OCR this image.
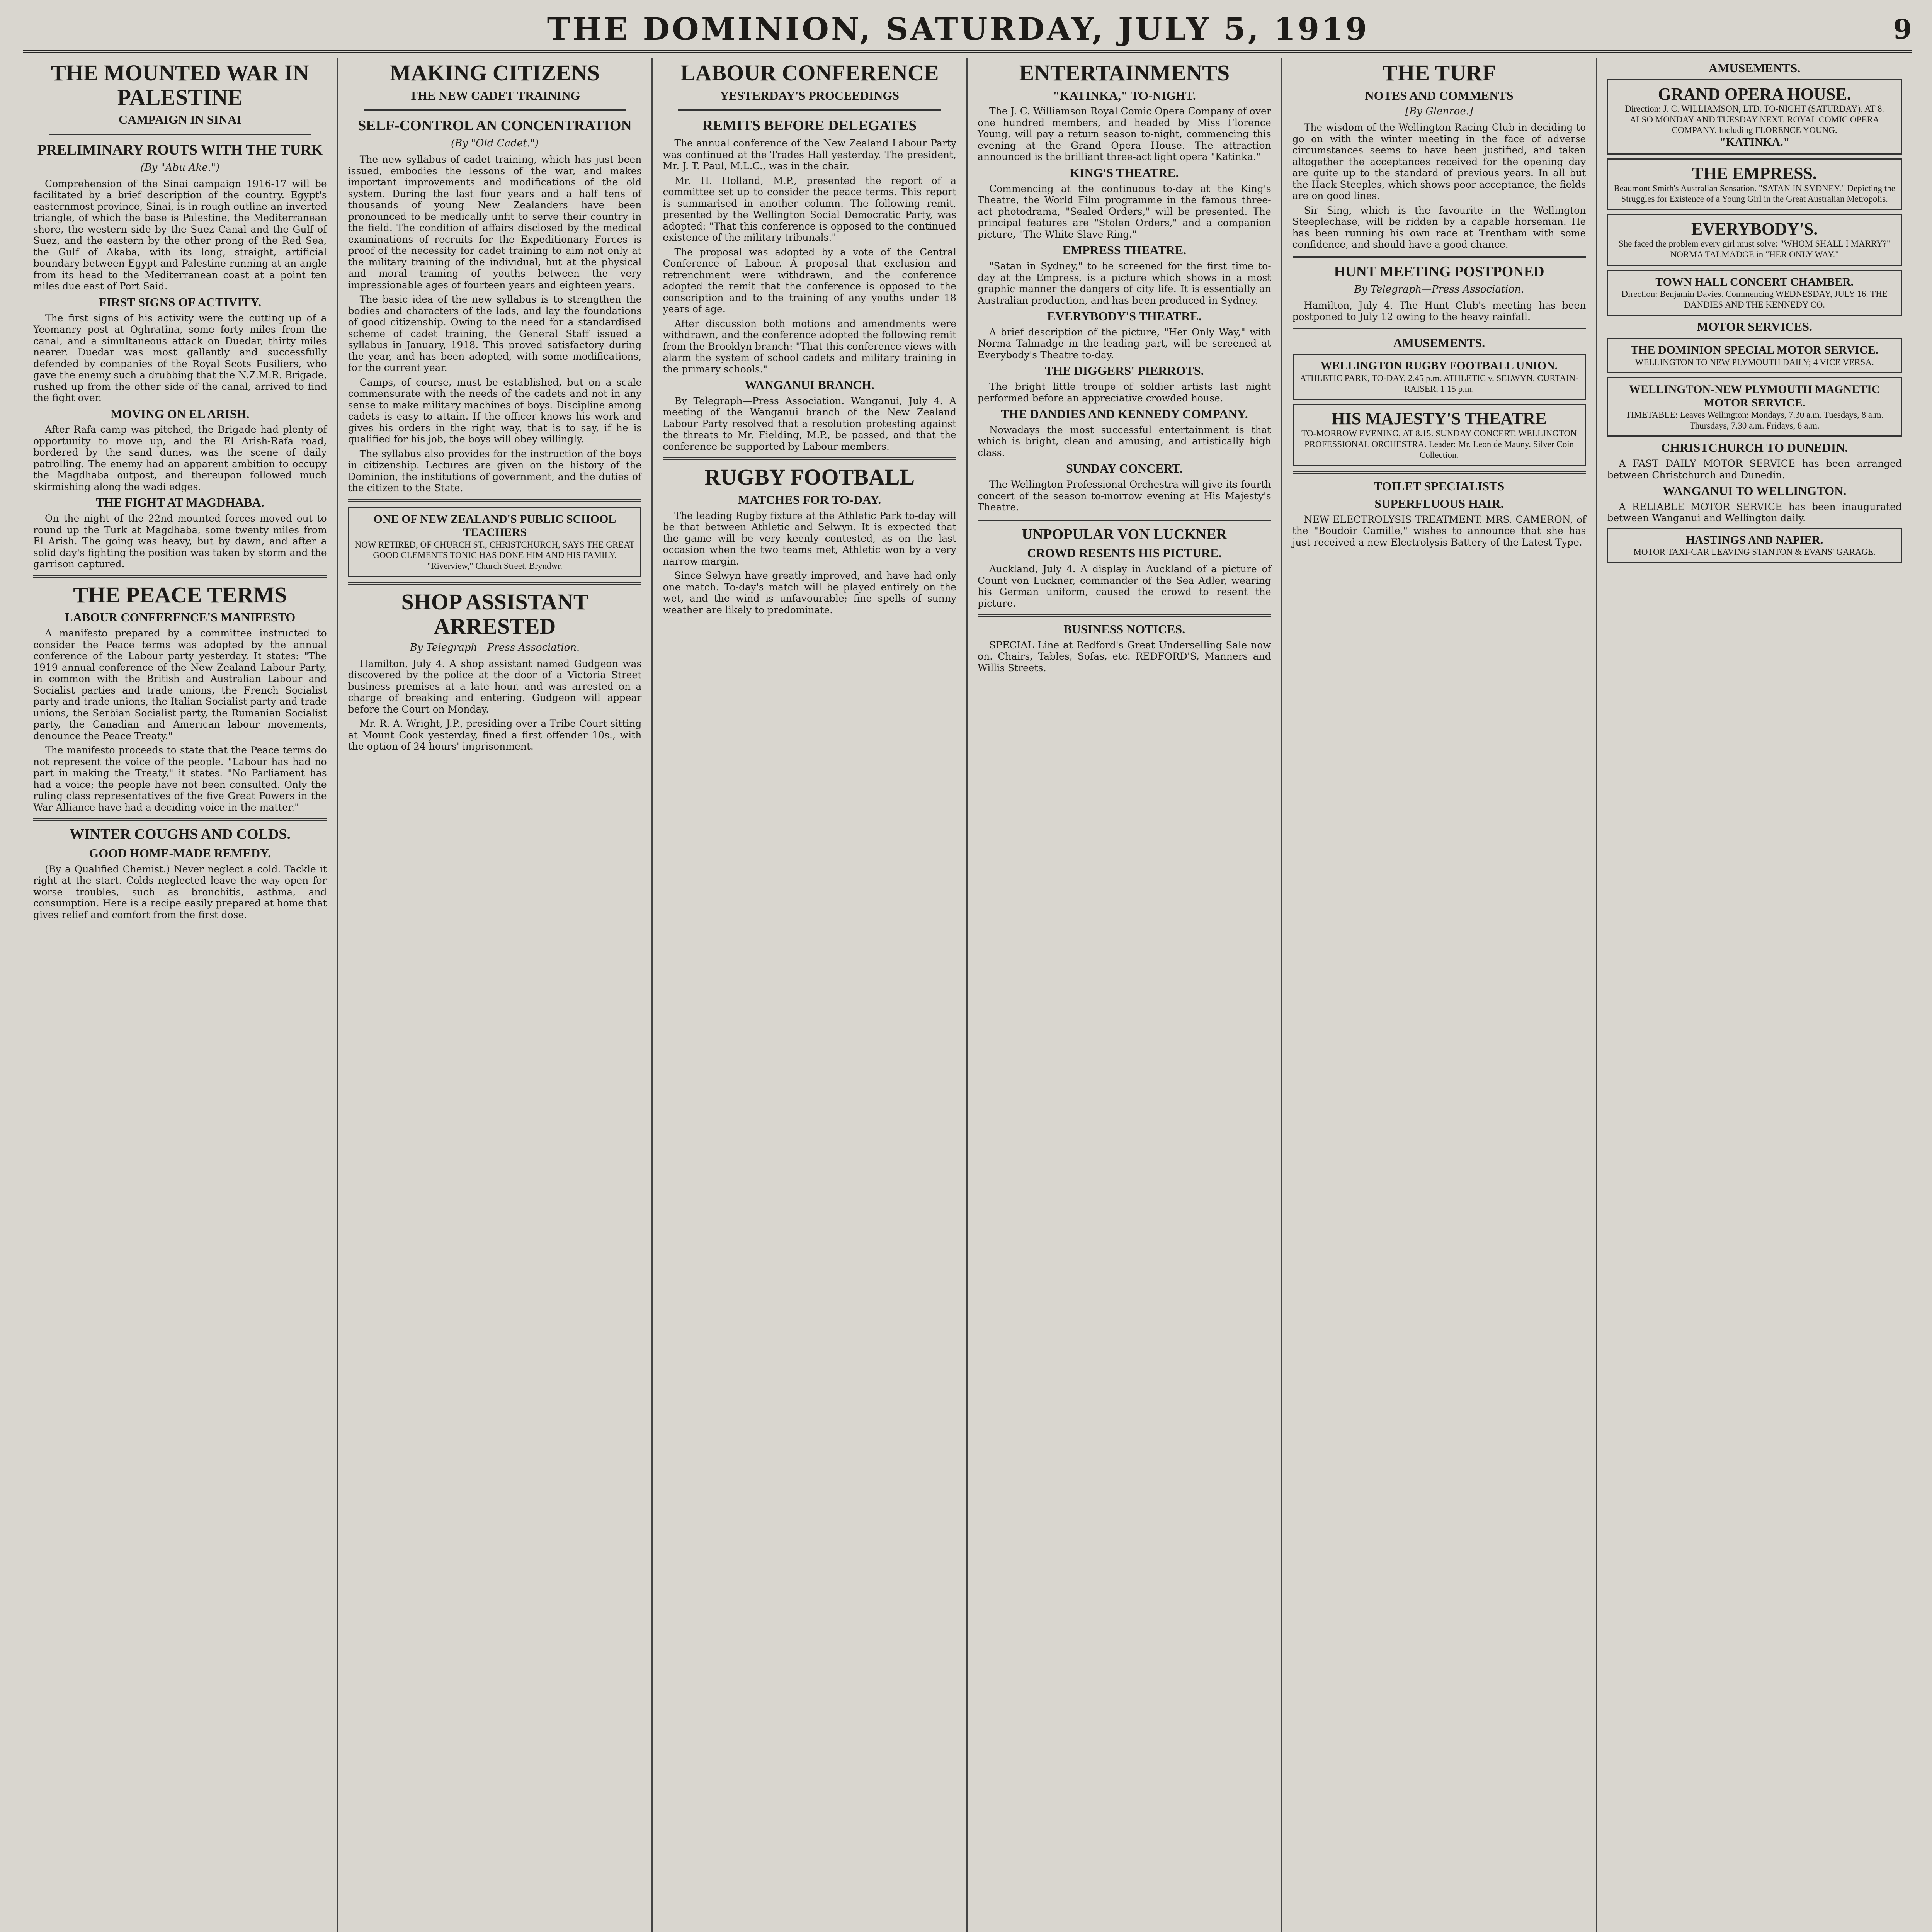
THE DOMINION, SATURDAY, JULY 5, 1919	9
THE MOUNTED WAR IN PALESTINE
CAMPAIGN IN SINAI
PRELIMINARY ROUTS WITH THE TURK
(By "Abu Ake.")

Comprehension of the Sinai campaign 1916-17 will be facilitated by a brief description of the country. Egypt's easternmost province, Sinai, is in rough outline an inverted triangle, of which the base is Palestine, the Mediterranean shore, the western side by the Suez Canal and the Gulf of Suez, and the eastern by the other prong of the Red Sea, the Gulf of Akaba, with its long, straight, artificial boundary between Egypt and Palestine running at an angle from its head to the Mediterranean coast at a point ten miles due east of Port Said.

FIRST SIGNS OF ACTIVITY.

The first signs of his activity were the cutting up of a Yeomanry post at Oghratina, some forty miles from the canal, and a simultaneous attack on Duedar, thirty miles nearer. Duedar was most gallantly and successfully defended by companies of the Royal Scots Fusiliers, who gave the enemy such a drubbing that the N.Z.M.R. Brigade, rushed up from the other side of the canal, arrived to find the fight over.

MOVING ON EL ARISH.

After Rafa camp was pitched, the Brigade had plenty of opportunity to move up, and the El Arish-Rafa road, bordered by the sand dunes, was the scene of daily patrolling. The enemy had an apparent ambition to occupy the Magdhaba outpost, and thereupon followed much skirmishing along the wadi edges.

THE FIGHT AT MAGDHABA.

On the night of the 22nd mounted forces moved out to round up the Turk at Magdhaba, some twenty miles from El Arish. The going was heavy, but by dawn, and after a solid day's fighting the position was taken by storm and the garrison captured.

THE PEACE TERMS
LABOUR CONFERENCE'S MANIFESTO

A manifesto prepared by a committee instructed to consider the Peace terms was adopted by the annual conference of the Labour party yesterday. It states: "The 1919 annual conference of the New Zealand Labour Party, in common with the British and Australian Labour and Socialist parties and trade unions, the French Socialist party and trade unions, the Italian Socialist party and trade unions, the Serbian Socialist party, the Rumanian Socialist party, the Canadian and American labour movements, denounce the Peace Treaty."

The manifesto proceeds to state that the Peace terms do not represent the voice of the people. "Labour has had no part in making the Treaty," it states. "No Parliament has had a voice; the people have not been consulted. Only the ruling class representatives of the five Great Powers in the War Alliance have had a deciding voice in the matter."

WINTER COUGHS AND COLDS.
GOOD HOME-MADE REMEDY.

(By a Qualified Chemist.) Never neglect a cold. Tackle it right at the start. Colds neglected leave the way open for worse troubles, such as bronchitis, asthma, and consumption. Here is a recipe easily prepared at home that gives relief and comfort from the first dose.

MAKING CITIZENS
THE NEW CADET TRAINING
SELF-CONTROL AN CONCENTRATION
(By "Old Cadet.")

The new syllabus of cadet training, which has just been issued, embodies the lessons of the war, and makes important improvements and modifications of the old system. During the last four years and a half tens of thousands of young New Zealanders have been pronounced to be medically unfit to serve their country in the field. The condition of affairs disclosed by the medical examinations of recruits for the Expeditionary Forces is proof of the necessity for cadet training to aim not only at the military training of the individual, but at the physical and moral training of youths between the very impressionable ages of fourteen years and eighteen years.

The basic idea of the new syllabus is to strengthen the bodies and characters of the lads, and lay the foundations of good citizenship. Owing to the need for a standardised scheme of cadet training, the General Staff issued a syllabus in January, 1918. This proved satisfactory during the year, and has been adopted, with some modifications, for the current year.

Camps, of course, must be established, but on a scale commensurate with the needs of the cadets and not in any sense to make military machines of boys. Discipline among cadets is easy to attain. If the officer knows his work and gives his orders in the right way, that is to say, if he is qualified for his job, the boys will obey willingly.

The syllabus also provides for the instruction of the boys in citizenship. Lectures are given on the history of the Dominion, the institutions of government, and the duties of the citizen to the State.

ONE OF NEW ZEALAND'S PUBLIC SCHOOL TEACHERS
NOW RETIRED, OF CHURCH ST., CHRISTCHURCH, SAYS THE GREAT GOOD CLEMENTS TONIC HAS DONE HIM AND HIS FAMILY. "Riverview," Church Street, Bryndwr.
SHOP ASSISTANT ARRESTED
By Telegraph—Press Association.

Hamilton, July 4. A shop assistant named Gudgeon was discovered by the police at the door of a Victoria Street business premises at a late hour, and was arrested on a charge of breaking and entering. Gudgeon will appear before the Court on Monday.

Mr. R. A. Wright, J.P., presiding over a Tribe Court sitting at Mount Cook yesterday, fined a first offender 10s., with the option of 24 hours' imprisonment.

LABOUR CONFERENCE
YESTERDAY'S PROCEEDINGS
REMITS BEFORE DELEGATES

The annual conference of the New Zealand Labour Party was continued at the Trades Hall yesterday. The president, Mr. J. T. Paul, M.L.C., was in the chair.

Mr. H. Holland, M.P., presented the report of a committee set up to consider the peace terms. This report is summarised in another column. The following remit, presented by the Wellington Social Democratic Party, was adopted: "That this conference is opposed to the continued existence of the military tribunals."

The proposal was adopted by a vote of the Central Conference of Labour. A proposal that exclusion and retrenchment were withdrawn, and the conference adopted the remit that the conference is opposed to the conscription and to the training of any youths under 18 years of age.

After discussion both motions and amendments were withdrawn, and the conference adopted the following remit from the Brooklyn branch: "That this conference views with alarm the system of school cadets and military training in the primary schools."

WANGANUI BRANCH.

By Telegraph—Press Association. Wanganui, July 4. A meeting of the Wanganui branch of the New Zealand Labour Party resolved that a resolution protesting against the threats to Mr. Fielding, M.P., be passed, and that the conference be supported by Labour members.

RUGBY FOOTBALL
MATCHES FOR TO-DAY.

The leading Rugby fixture at the Athletic Park to-day will be that between Athletic and Selwyn. It is expected that the game will be very keenly contested, as on the last occasion when the two teams met, Athletic won by a very narrow margin.

Since Selwyn have greatly improved, and have had only one match. To-day's match will be played entirely on the wet, and the wind is unfavourable; fine spells of sunny weather are likely to predominate.

ENTERTAINMENTS
"KATINKA," TO-NIGHT.

The J. C. Williamson Royal Comic Opera Company of over one hundred members, and headed by Miss Florence Young, will pay a return season to-night, commencing this evening at the Grand Opera House. The attraction announced is the brilliant three-act light opera "Katinka."

KING'S THEATRE.

Commencing at the continuous to-day at the King's Theatre, the World Film programme in the famous three-act photodrama, "Sealed Orders," will be presented. The principal features are "Stolen Orders," and a companion picture, "The White Slave Ring."

EMPRESS THEATRE.

"Satan in Sydney," to be screened for the first time to-day at the Empress, is a picture which shows in a most graphic manner the dangers of city life. It is essentially an Australian production, and has been produced in Sydney.

EVERYBODY'S THEATRE.

A brief description of the picture, "Her Only Way," with Norma Talmadge in the leading part, will be screened at Everybody's Theatre to-day.

THE DIGGERS' PIERROTS.

The bright little troupe of soldier artists last night performed before an appreciative crowded house.

THE DANDIES AND KENNEDY COMPANY.

Nowadays the most successful entertainment is that which is bright, clean and amusing, and artistically high class.

SUNDAY CONCERT.

The Wellington Professional Orchestra will give its fourth concert of the season to-morrow evening at His Majesty's Theatre.

UNPOPULAR VON LUCKNER
CROWD RESENTS HIS PICTURE.

Auckland, July 4. A display in Auckland of a picture of Count von Luckner, commander of the Sea Adler, wearing his German uniform, caused the crowd to resent the picture.

BUSINESS NOTICES.

SPECIAL Line at Redford's Great Underselling Sale now on. Chairs, Tables, Sofas, etc. REDFORD'S, Manners and Willis Streets.

THE TURF
NOTES AND COMMENTS
[By Glenroe.]

The wisdom of the Wellington Racing Club in deciding to go on with the winter meeting in the face of adverse circumstances seems to have been justified, and taken altogether the acceptances received for the opening day are quite up to the standard of previous years. In all but the Hack Steeples, which shows poor acceptance, the fields are on good lines.

Sir Sing, which is the favourite in the Wellington Steeplechase, will be ridden by a capable horseman. He has been running his own race at Trentham with some confidence, and should have a good chance.

HUNT MEETING POSTPONED
By Telegraph—Press Association.

Hamilton, July 4. The Hunt Club's meeting has been postponed to July 12 owing to the heavy rainfall.

AMUSEMENTS.
WELLINGTON RUGBY FOOTBALL UNION.
ATHLETIC PARK, TO-DAY, 2.45 p.m. ATHLETIC v. SELWYN. CURTAIN-RAISER, 1.15 p.m.
HIS MAJESTY'S THEATRE
TO-MORROW EVENING, AT 8.15. SUNDAY CONCERT. WELLINGTON PROFESSIONAL ORCHESTRA. Leader: Mr. Leon de Mauny. Silver Coin Collection.
TOILET SPECIALISTS
SUPERFLUOUS HAIR.

NEW ELECTROLYSIS TREATMENT. MRS. CAMERON, of the "Boudoir Camille," wishes to announce that she has just received a new Electrolysis Battery of the Latest Type.

AMUSEMENTS.
GRAND OPERA HOUSE.
Direction: J. C. WILLIAMSON, LTD. TO-NIGHT (SATURDAY). AT 8. ALSO MONDAY AND TUESDAY NEXT. ROYAL COMIC OPERA COMPANY. Including FLORENCE YOUNG.
"KATINKA."
THE EMPRESS.
Beaumont Smith's Australian Sensation. "SATAN IN SYDNEY." Depicting the Struggles for Existence of a Young Girl in the Great Australian Metropolis.
EVERYBODY'S.
She faced the problem every girl must solve: "WHOM SHALL I MARRY?" NORMA TALMADGE in "HER ONLY WAY."
TOWN HALL CONCERT CHAMBER.
Direction: Benjamin Davies. Commencing WEDNESDAY, JULY 16. THE DANDIES AND THE KENNEDY CO.
MOTOR SERVICES.
THE DOMINION SPECIAL MOTOR SERVICE.
WELLINGTON TO NEW PLYMOUTH DAILY; 4 VICE VERSA.
WELLINGTON-NEW PLYMOUTH MAGNETIC MOTOR SERVICE.
TIMETABLE: Leaves Wellington: Mondays, 7.30 a.m. Tuesdays, 8 a.m. Thursdays, 7.30 a.m. Fridays, 8 a.m.
CHRISTCHURCH TO DUNEDIN.

A FAST DAILY MOTOR SERVICE has been arranged between Christchurch and Dunedin.

WANGANUI TO WELLINGTON.

A RELIABLE MOTOR SERVICE has been inaugurated between Wanganui and Wellington daily.

HASTINGS AND NAPIER.
MOTOR TAXI-CAR LEAVING STANTON & EVANS' GARAGE.
